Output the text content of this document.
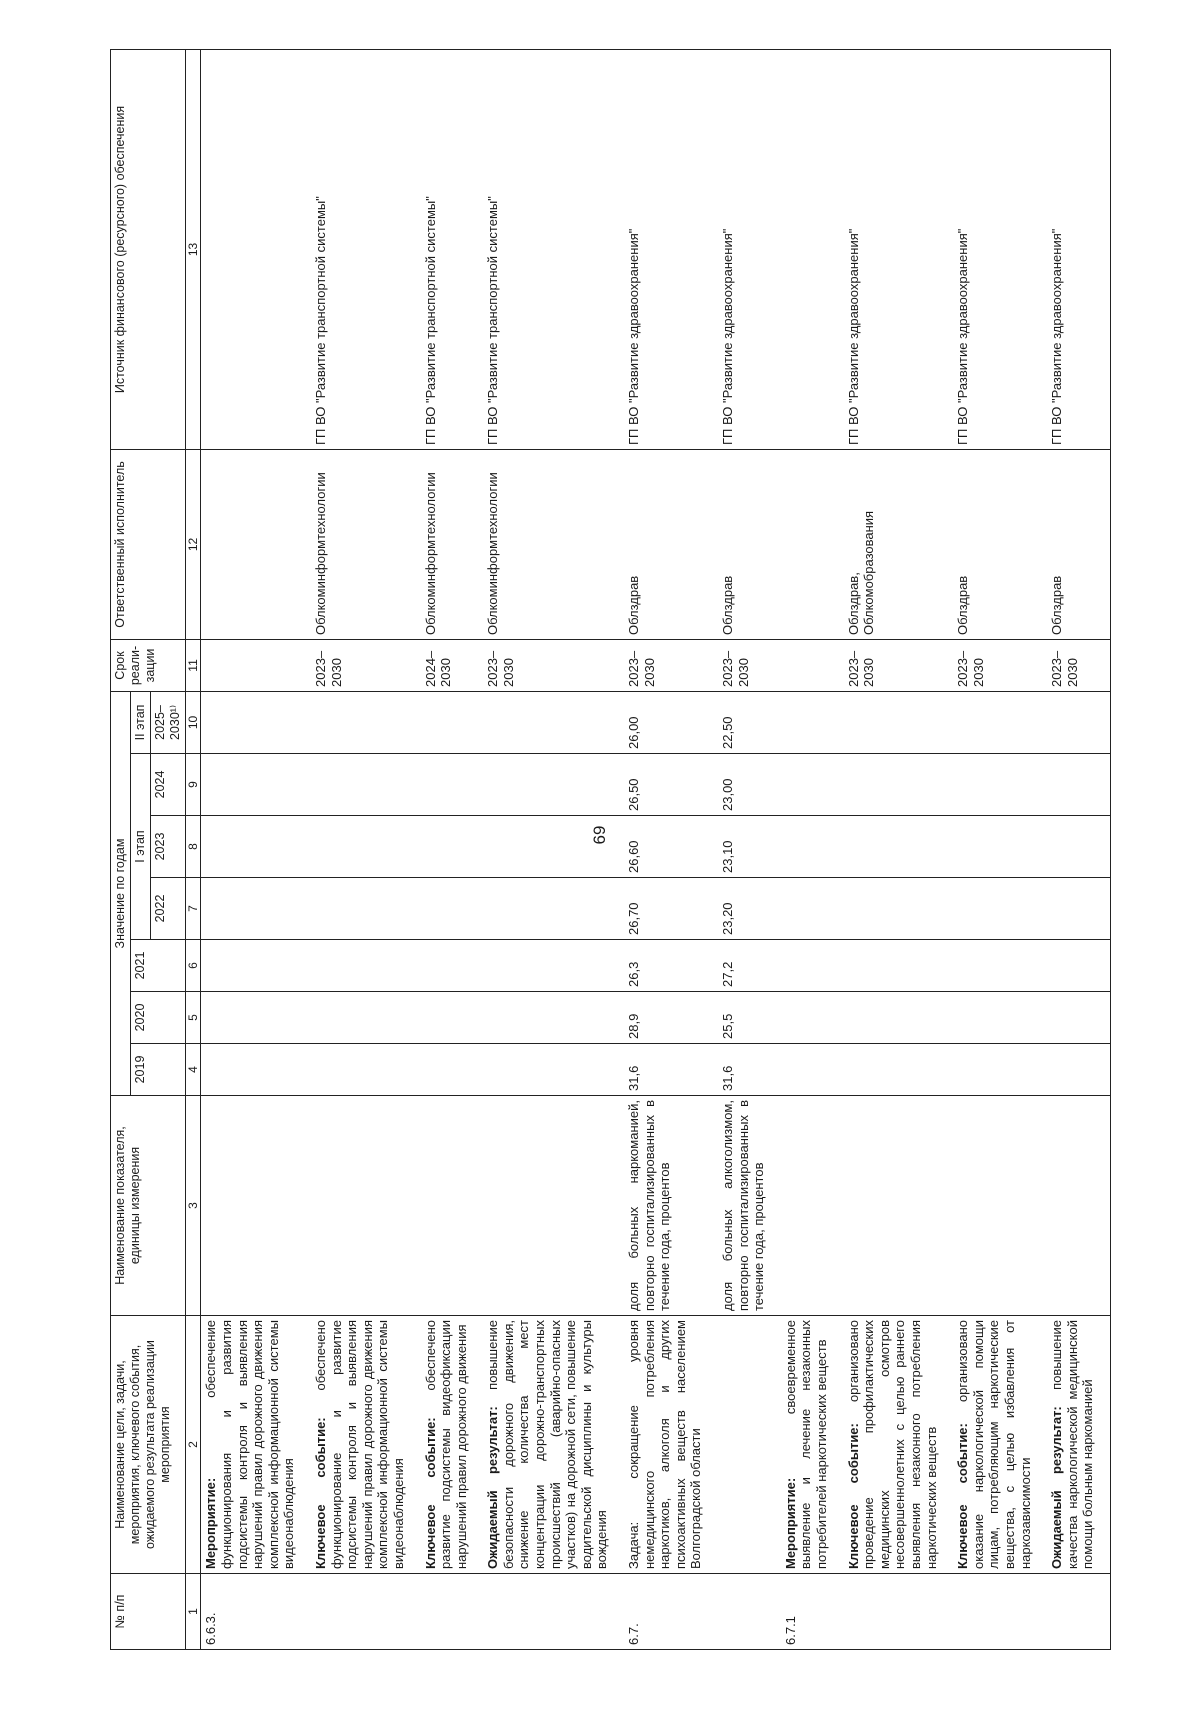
69
№ п/п	Наименование цели, задачи, мероприятия, ключевого события, ожидаемого результата реализации мероприятия	Наименование показателя, единицы измерения	Значение по годам							Срок реали-зации	Ответственный исполнитель	Источник финансового (ресурсного) обеспечения
			2019	2020	2021	I этап			II этап			
						2022	2023	2024	2025–2030¹⁾			
1	2	3	4	5	6	7	8	9	10	11	12	13
6.6.3.	Мероприятие: обеспечение функционирования и развития подсистемы контроля и выявления нарушений правил дорожного движения комплексной информационной системы видеонаблюдения											
	Ключевое событие: обеспечено функционирование и развитие подсистемы контроля и выявления нарушений правил дорожного движения комплексной информационной системы видеонаблюдения									2023–2030	Облкоминформтехнологии	ГП ВО "Развитие транспортной системы"
	Ключевое событие: обеспечено развитие подсистемы видеофиксации нарушений правил дорожного движения									2024–2030	Облкоминформтехнологии	ГП ВО "Развитие транспортной системы"
	Ожидаемый результат: повышение безопасности дорожного движения, снижение количества мест концентрации дорожно-транспортных происшествий (аварийно-опасных участков) на дорожной сети, повышение водительской дисциплины и культуры вождения									2023–2030	Облкоминформтехнологии	ГП ВО "Развитие транспортной системы"
6.7.	Задача: сокращение уровня немедицинского потребления наркотиков, алкоголя и других психоактивных веществ населением Волгоградской области	доля больных наркоманией, повторно госпитализированных в течение года, процентов	31,6	28,9	26,3	26,70	26,60	26,50	26,00	2023–2030	Облздрав	ГП ВО "Развитие здравоохранения"
		доля больных алкоголизмом, повторно госпитализированных в течение года, процентов	31,6	25,5	27,2	23,20	23,10	23,00	22,50	2023–2030	Облздрав	ГП ВО "Развитие здравоохранения"
6.7.1	Мероприятие: своевременное выявление и лечение незаконных потребителей наркотических веществ											
	Ключевое событие: организовано проведение профилактических медицинских осмотров несовершеннолетних с целью раннего выявления незаконного потребления наркотических веществ									2023–2030	Облздрав, Облкомобразования	ГП ВО "Развитие здравоохранения"
	Ключевое событие: организовано оказание наркологической помощи лицам, потребляющим наркотические вещества, с целью избавления от наркозависимости									2023–2030	Облздрав	ГП ВО "Развитие здравоохранения"
	Ожидаемый результат: повышение качества наркологической медицинской помощи больным наркоманией									2023–2030	Облздрав	ГП ВО "Развитие здравоохранения"
